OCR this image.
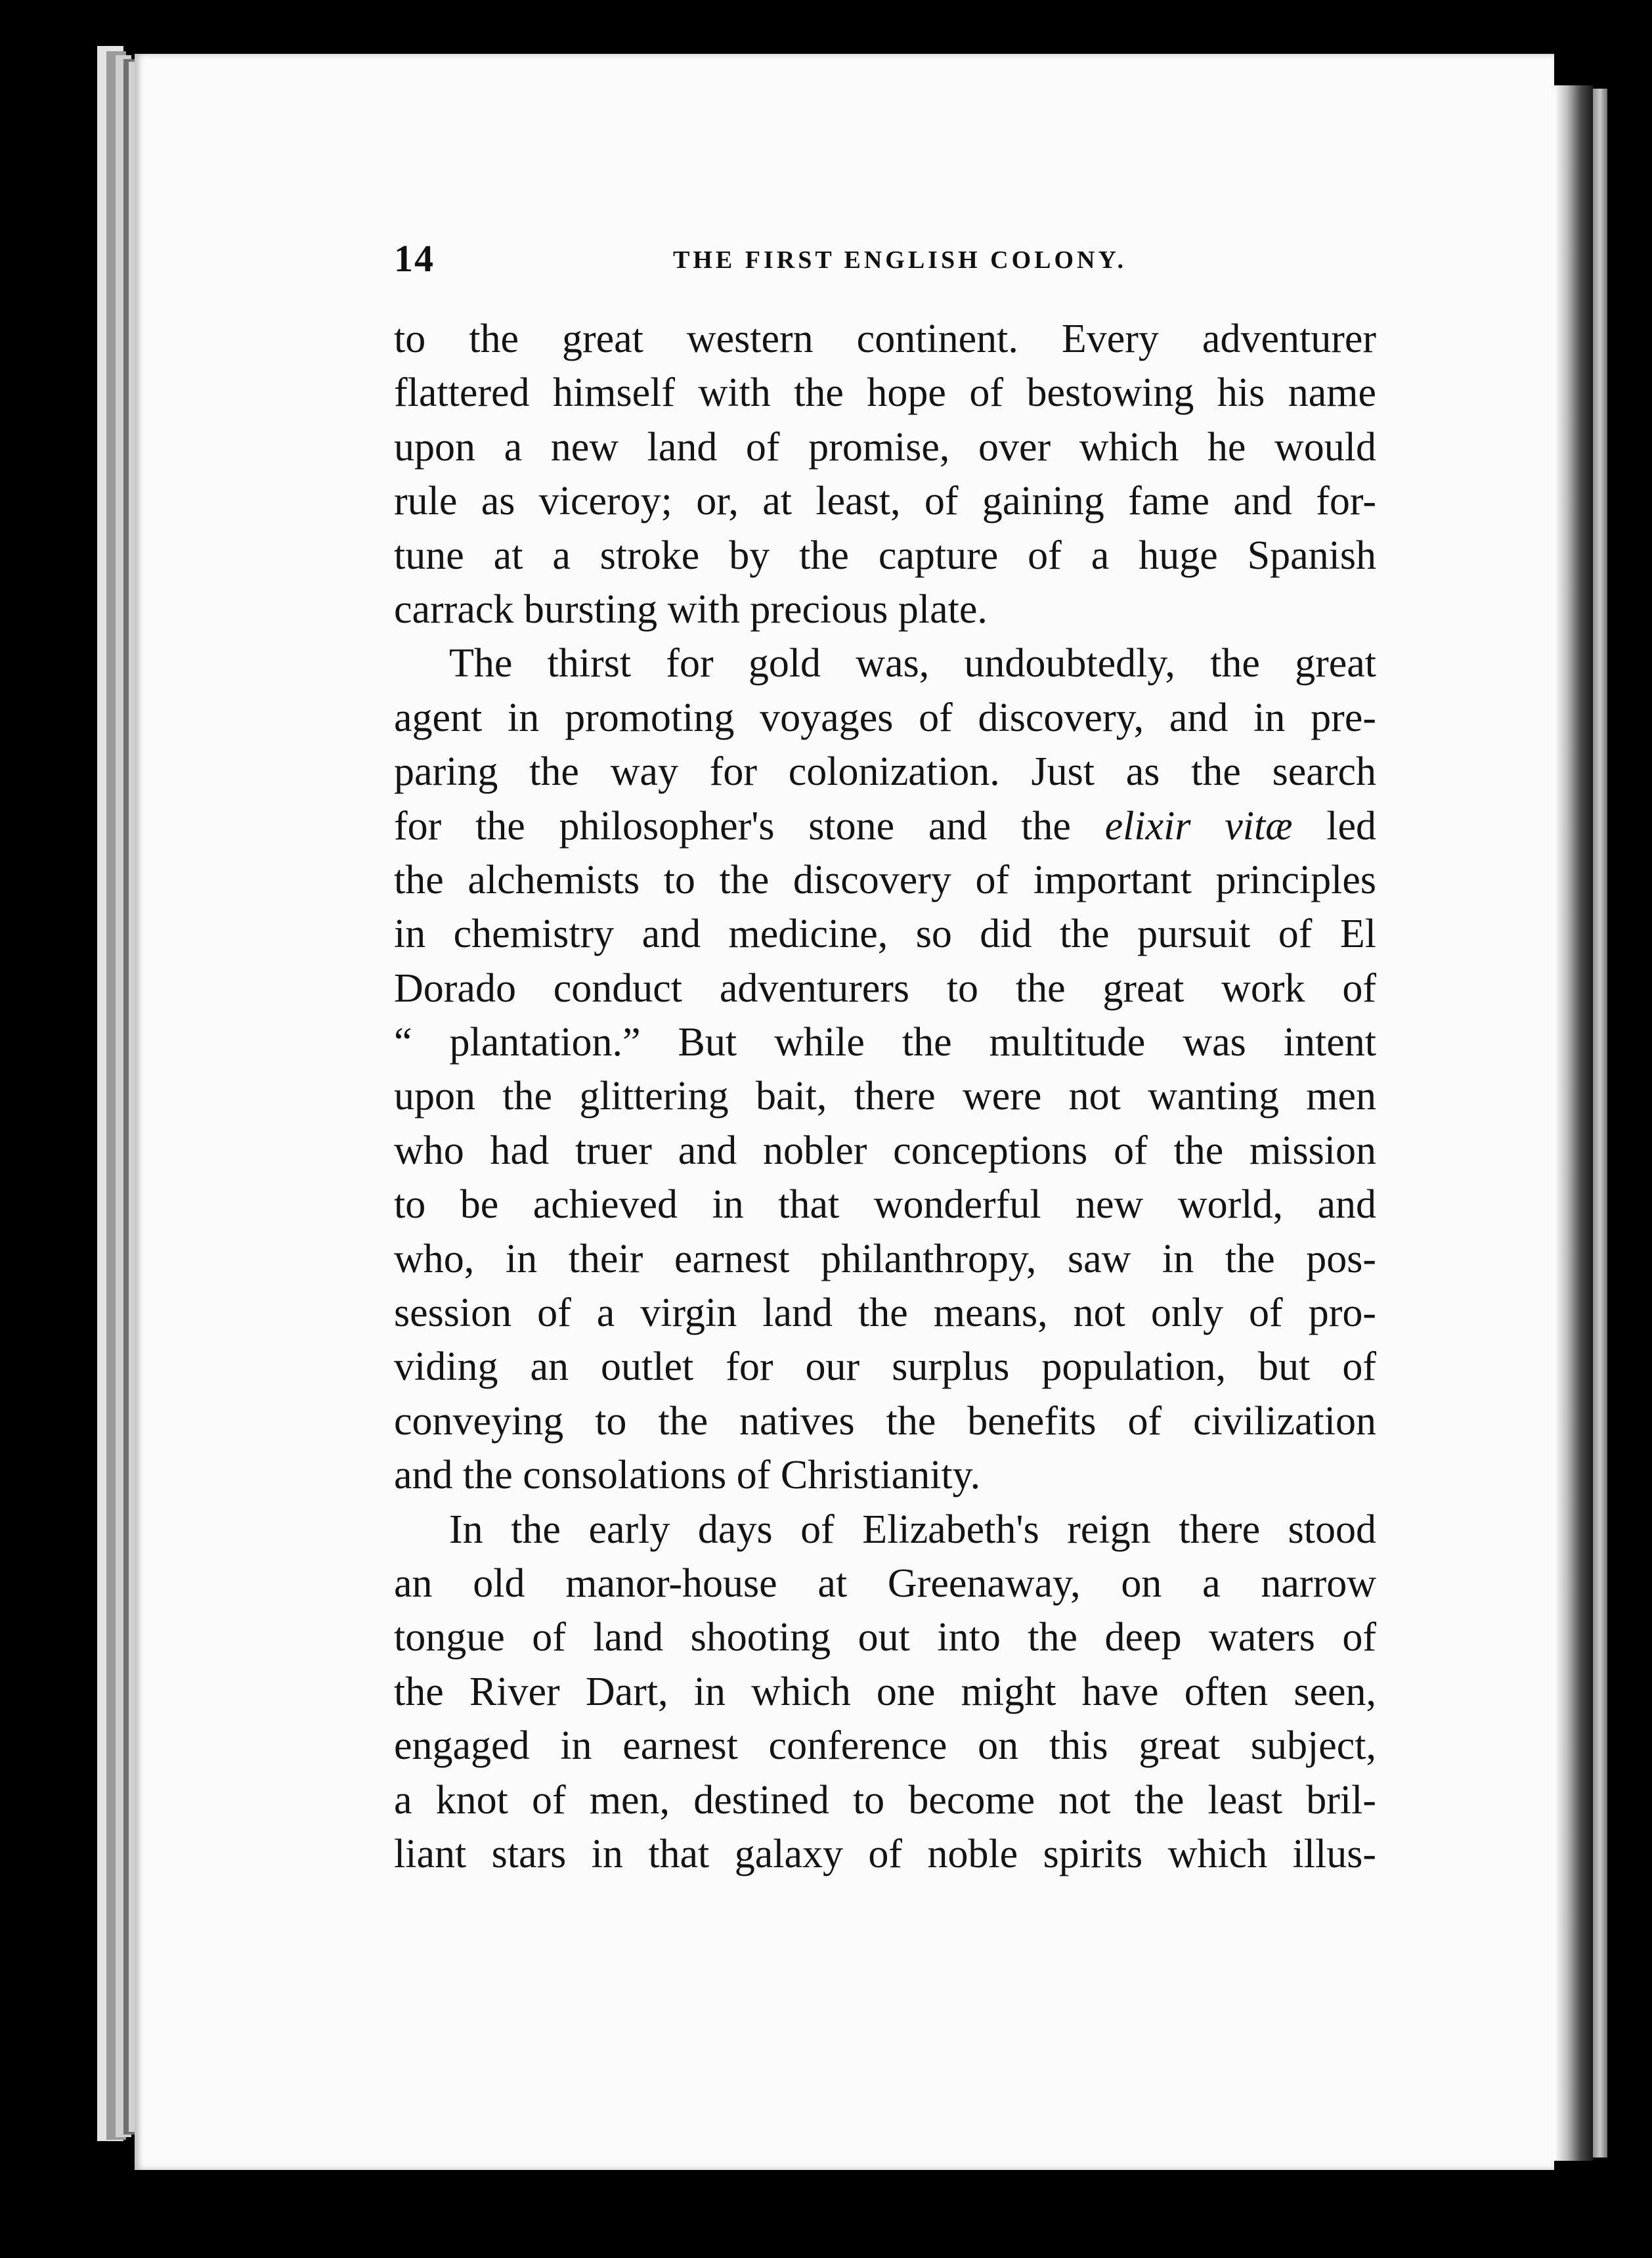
14	THE FIRST ENGLISH COLONY.
to the great western continent. Every adventurer
flattered himself with the hope of bestowing his name
upon a new land of promise, over which he would
rule as viceroy; or, at least, of gaining fame and for-
tune at a stroke by the capture of a huge Spanish
carrack bursting with precious plate.
The thirst for gold was, undoubtedly, the great
agent in promoting voyages of discovery, and in pre-
paring the way for colonization. Just as the search
for the philosopher's stone and the elixir vitæ led
the alchemists to the discovery of important principles
in chemistry and medicine, so did the pursuit of El
Dorado conduct adventurers to the great work of
“ plantation.” But while the multitude was intent
upon the glittering bait, there were not wanting men
who had truer and nobler conceptions of the mission
to be achieved in that wonderful new world, and
who, in their earnest philanthropy, saw in the pos-
session of a virgin land the means, not only of pro-
viding an outlet for our surplus population, but of
conveying to the natives the benefits of civilization
and the consolations of Christianity.
In the early days of Elizabeth's reign there stood
an old manor-house at Greenaway, on a narrow
tongue of land shooting out into the deep waters of
the River Dart, in which one might have often seen,
engaged in earnest conference on this great subject,
a knot of men, destined to become not the least bril-
liant stars in that galaxy of noble spirits which illus-
